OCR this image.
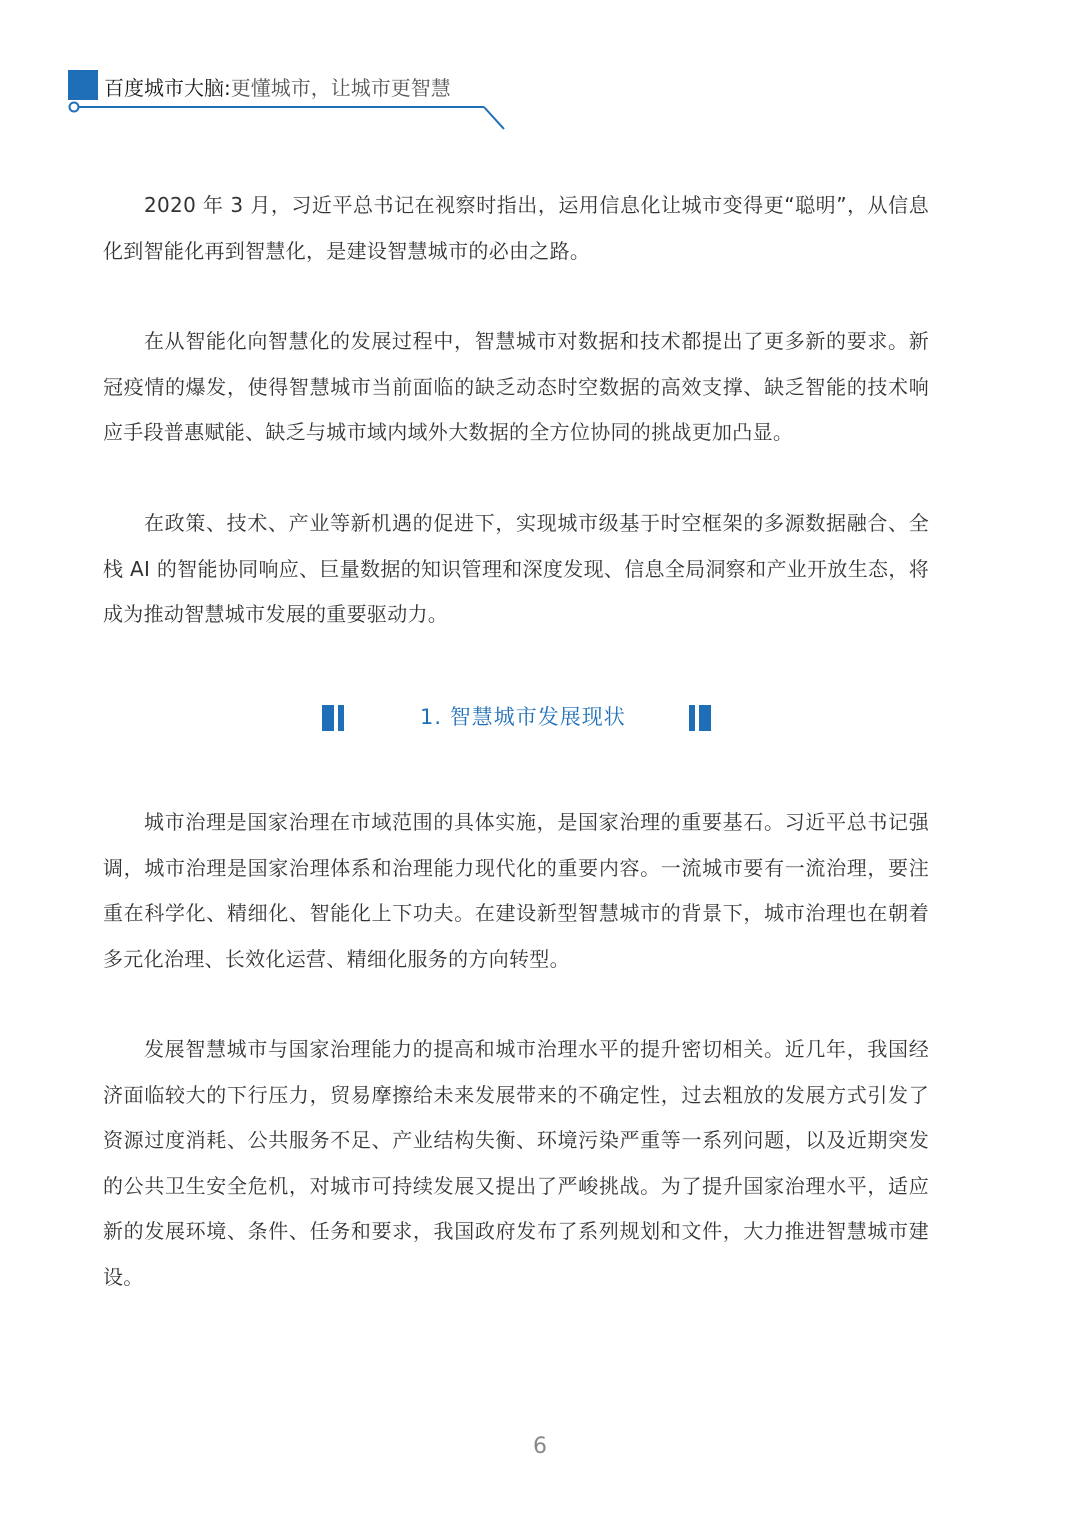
百度城市大脑:更懂城市，让城市更智慧

2020 年 3 月，习近平总书记在视察时指出，运用信息化让城市变得更“聪明”，从信息化到智能化再到智慧化，是建设智慧城市的必由之路。

在从智能化向智慧化的发展过程中，智慧城市对数据和技术都提出了更多新的要求。新冠疫情的爆发，使得智慧城市当前面临的缺乏动态时空数据的高效支撑、缺乏智能的技术响应手段普惠赋能、缺乏与城市域内域外大数据的全方位协同的挑战更加凸显。

在政策、技术、产业等新机遇的促进下，实现城市级基于时空框架的多源数据融合、全栈 AI 的智能协同响应、巨量数据的知识管理和深度发现、信息全局洞察和产业开放生态，将成为推动智慧城市发展的重要驱动力。

1. 智慧城市发展现状

城市治理是国家治理在市域范围的具体实施，是国家治理的重要基石。习近平总书记强调，城市治理是国家治理体系和治理能力现代化的重要内容。一流城市要有一流治理，要注重在科学化、精细化、智能化上下功夫。在建设新型智慧城市的背景下，城市治理也在朝着多元化治理、长效化运营、精细化服务的方向转型。

发展智慧城市与国家治理能力的提高和城市治理水平的提升密切相关。近几年，我国经济面临较大的下行压力，贸易摩擦给未来发展带来的不确定性，过去粗放的发展方式引发了资源过度消耗、公共服务不足、产业结构失衡、环境污染严重等一系列问题，以及近期突发的公共卫生安全危机，对城市可持续发展又提出了严峻挑战。为了提升国家治理水平，适应新的发展环境、条件、任务和要求，我国政府发布了系列规划和文件，大力推进智慧城市建设。

6
